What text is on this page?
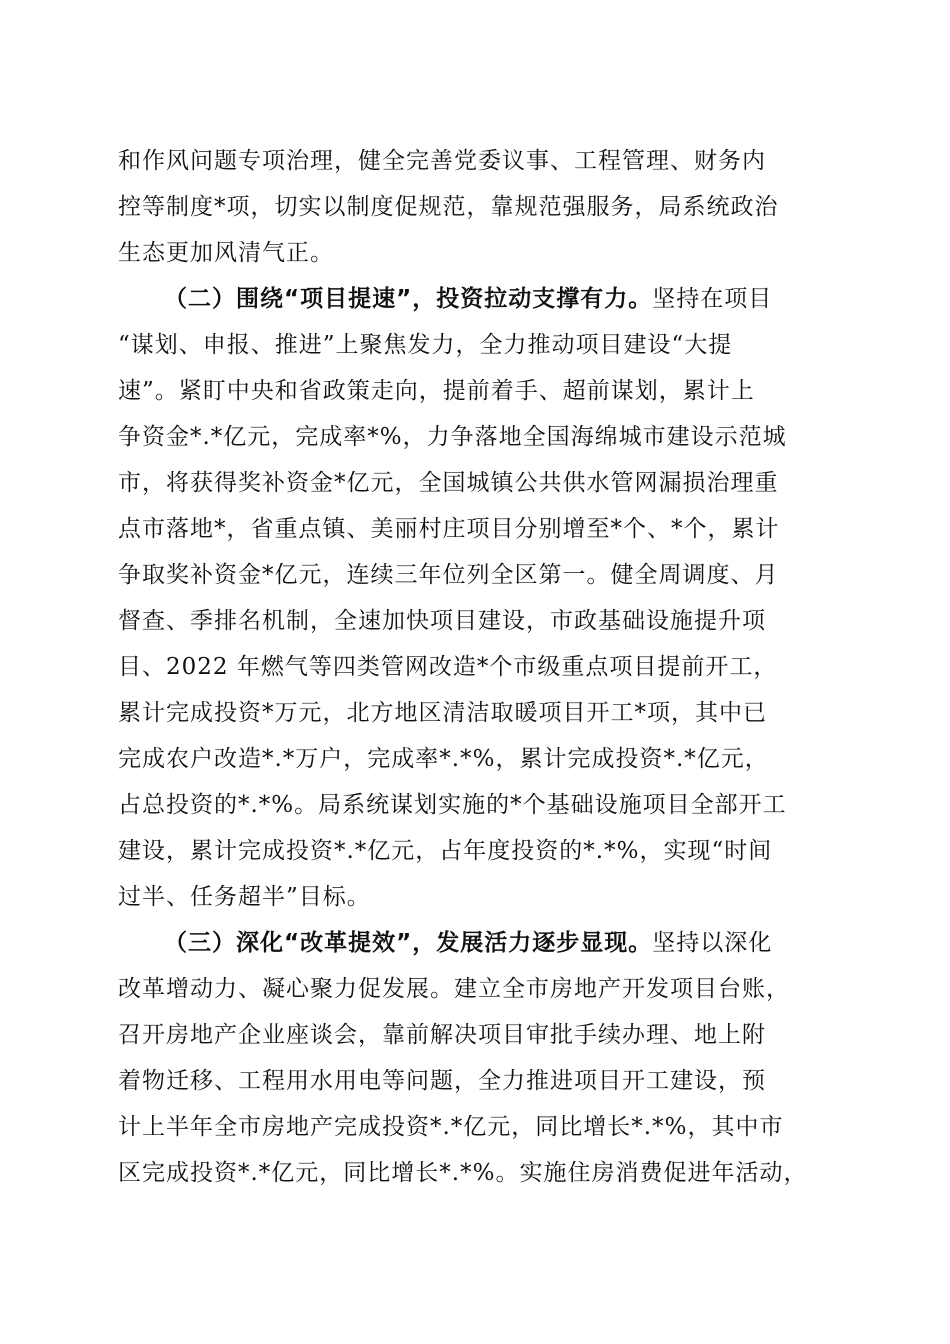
和作风问题专项治理，健全完善党委议事、工程管理、财务内
控等制度*项，切实以制度促规范，靠规范强服务，局系统政治
生态更加风清气正。
（二）围绕“项目提速”，投资拉动支撑有力。坚持在项目
“谋划、申报、推进”上聚焦发力，全力推动项目建设“大提
速”。紧盯中央和省政策走向，提前着手、超前谋划，累计上
争资金*.*亿元，完成率*%，力争落地全国海绵城市建设示范城
市，将获得奖补资金*亿元，全国城镇公共供水管网漏损治理重
点市落地*，省重点镇、美丽村庄项目分别增至*个、*个，累计
争取奖补资金*亿元，连续三年位列全区第一。健全周调度、月
督查、季排名机制，全速加快项目建设，市政基础设施提升项
目、2022 年燃气等四类管网改造*个市级重点项目提前开工，
累计完成投资*万元，北方地区清洁取暖项目开工*项，其中已
完成农户改造*.*万户，完成率*.*%，累计完成投资*.*亿元，
占总投资的*.*%。局系统谋划实施的*个基础设施项目全部开工
建设，累计完成投资*.*亿元，占年度投资的*.*%，实现“时间
过半、任务超半”目标。
（三）深化“改革提效”，发展活力逐步显现。坚持以深化
改革增动力、凝心聚力促发展。建立全市房地产开发项目台账，
召开房地产企业座谈会，靠前解决项目审批手续办理、地上附
着物迁移、工程用水用电等问题，全力推进项目开工建设，预
计上半年全市房地产完成投资*.*亿元，同比增长*.*%，其中市
区完成投资*.*亿元，同比增长*.*%。实施住房消费促进年活动，
